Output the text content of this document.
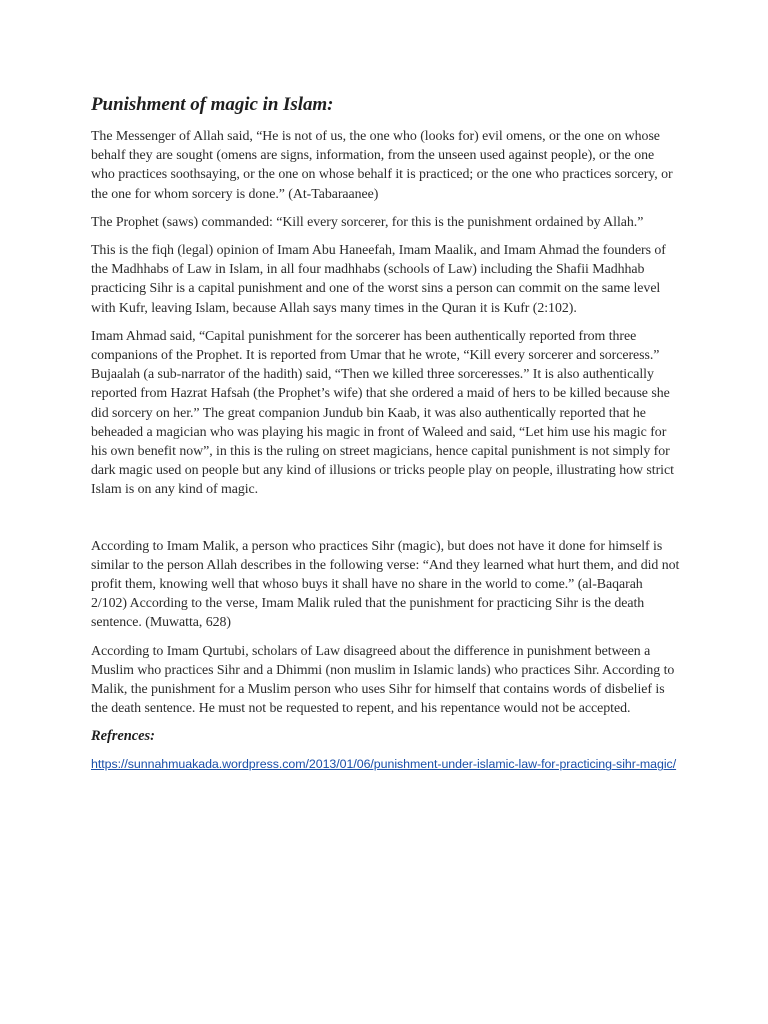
Punishment of magic in Islam:

The Messenger of Allah said, “He is not of us, the one who (looks for) evil omens, or the one on whose behalf they are sought (omens are signs, information, from the unseen used against people), or the one who practices soothsaying, or the one on whose behalf it is practiced; or the one who practices sorcery, or the one for whom sorcery is done.” (At-Tabaraanee)

The Prophet (saws) commanded: “Kill every sorcerer, for this is the punishment ordained by Allah.”

This is the fiqh (legal) opinion of Imam Abu Haneefah, Imam Maalik, and Imam Ahmad the founders of the Madhhabs of Law in Islam, in all four madhhabs (schools of Law) including the Shafii Madhhab practicing Sihr is a capital punishment and one of the worst sins a person can commit on the same level with Kufr, leaving Islam, because Allah says many times in the Quran it is Kufr (2:102).

Imam Ahmad said, “Capital punishment for the sorcerer has been authentically reported from three companions of the Prophet. It is reported from Umar that he wrote, “Kill every sorcerer and sorceress.” Bujaalah (a sub-narrator of the hadith) said, “Then we killed three sorceresses.” It is also authentically reported from Hazrat Hafsah (the Prophet’s wife) that she ordered a maid of hers to be killed because she did sorcery on her.” The great companion Jundub bin Kaab, it was also authentically reported that he beheaded a magician who was playing his magic in front of Waleed and said, “Let him use his magic for his own benefit now”, in this is the ruling on street magicians, hence capital punishment is not simply for dark magic used on people but any kind of illusions or tricks people play on people, illustrating how strict Islam is on any kind of magic.

According to Imam Malik, a person who practices Sihr (magic), but does not have it done for himself is similar to the person Allah describes in the following verse: “And they learned what hurt them, and did not profit them, knowing well that whoso buys it shall have no share in the world to come.” (al-Baqarah 2/102) According to the verse, Imam Malik ruled that the punishment for practicing Sihr is the death sentence. (Muwatta, 628)

According to Imam Qurtubi, scholars of Law disagreed about the difference in punishment between a Muslim who practices Sihr and a Dhimmi (non muslim in Islamic lands) who practices Sihr. According to Malik, the punishment for a Muslim person who uses Sihr for himself that contains words of disbelief is the death sentence. He must not be requested to repent, and his repentance would not be accepted.

Refrences:
https://sunnahmuakada.wordpress.com/2013/01/06/punishment-under-islamic-law-for-practicing-sihr-magic/
